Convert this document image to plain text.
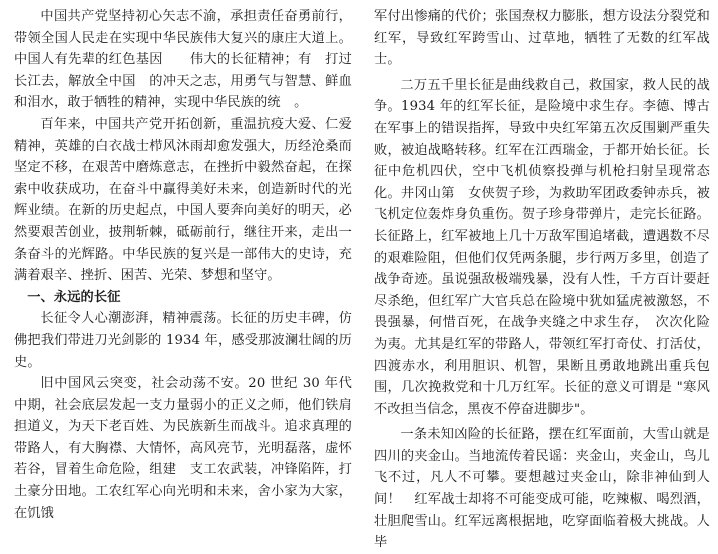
中国共产党坚持初心矢志不渝，承担责任奋勇前行，带领全国人民走在实现中华民族伟大复兴的康庄大道上。中国人有先辈的红色基因　　伟大的长征精神；有　打过长江去，解放全中国　的冲天之志，用勇气与智慧、鲜血和泪水，敢于牺牲的精神，实现中华民族的统　。

百年来，中国共产党开拓创新，重温抗疫大爱、仁爱精神，英雄的白衣战士栉风沐雨却愈发强大，历经沧桑而坚定不移，在艰苦中磨炼意志，在挫折中毅然奋起，在探索中收获成功，在奋斗中赢得美好未来，创造新时代的光辉业绩。在新的历史起点，中国人要奔向美好的明天，必然要艰苦创业，披荆斩棘，砥砺前行，继往开来，走出一条奋斗的光辉路。中华民族的复兴是一部伟大的史诗，充满着艰辛、挫折、困苦、光荣、梦想和坚守。

一、永远的长征

长征令人心潮澎湃，精神震荡。长征的历史丰碑，仿佛把我们带进刀光剑影的 1934 年，感受那波澜壮阔的历史。

旧中国风云突变，社会动荡不安。20 世纪 30 年代中期，社会底层发起一支力量弱小的正义之师，他们铁肩担道义，为天下老百姓、为民族新生而战斗。追求真理的带路人，有大胸襟、大情怀，高风亮节，光明磊落，虚怀若谷，冒着生命危险，组建　支工农武装，冲锋陷阵，打土豪分田地。工农红军心向光明和未来，舍小家为大家，在饥饿

军付出惨痛的代价；张国焘权力膨胀，想方设法分裂党和红军，导致红军跨雪山、过草地，牺牲了无数的红军战士。

二万五千里长征是曲线救自己，救国家，救人民的战争。1934 年的红军长征，是险境中求生存。李德、博古在军事上的错误指挥，导致中央红军第五次反围剿严重失败，被迫战略转移。红军在江西瑞金，于都开始长征。长征中危机四伏，空中飞机侦察投弹与机枪扫射呈现常态化。井冈山第　女侠贺子珍，为救助军团政委钟赤兵，被飞机定位轰炸身负重伤。贺子珍身带弹片，走完长征路。长征路上，红军被地上几十万敌军围追堵截，遭遇数不尽的艰难险阻，但他们仅凭两条腿，步行两万多里，创造了战争奇迹。虽说强敌极端残暴，没有人性，千方百计要赶尽杀绝，但红军广大官兵总在险境中犹如猛虎被激怒，不畏强暴，何惜百死，在战争夹缝之中求生存，　次次化险为夷。尤其是红军的带路人，带领红军打奇仗、打活仗，四渡赤水，利用胆识、机智，果断且勇敢地跳出重兵包围，几次挽救党和十几万红军。长征的意义可谓是 "寒风不改担当信念，黑夜不停奋进脚步"。

一条未知凶险的长征路，摆在红军面前，大雪山就是四川的夹金山。当地流传着民谣：夹金山，夹金山，鸟儿飞不过，凡人不可攀。要想越过夹金山，除非神仙到人间！　红军战士却将不可能变成可能，吃辣椒、喝烈酒，壮胆爬雪山。红军远离根据地，吃穿面临着极大挑战。人毕
